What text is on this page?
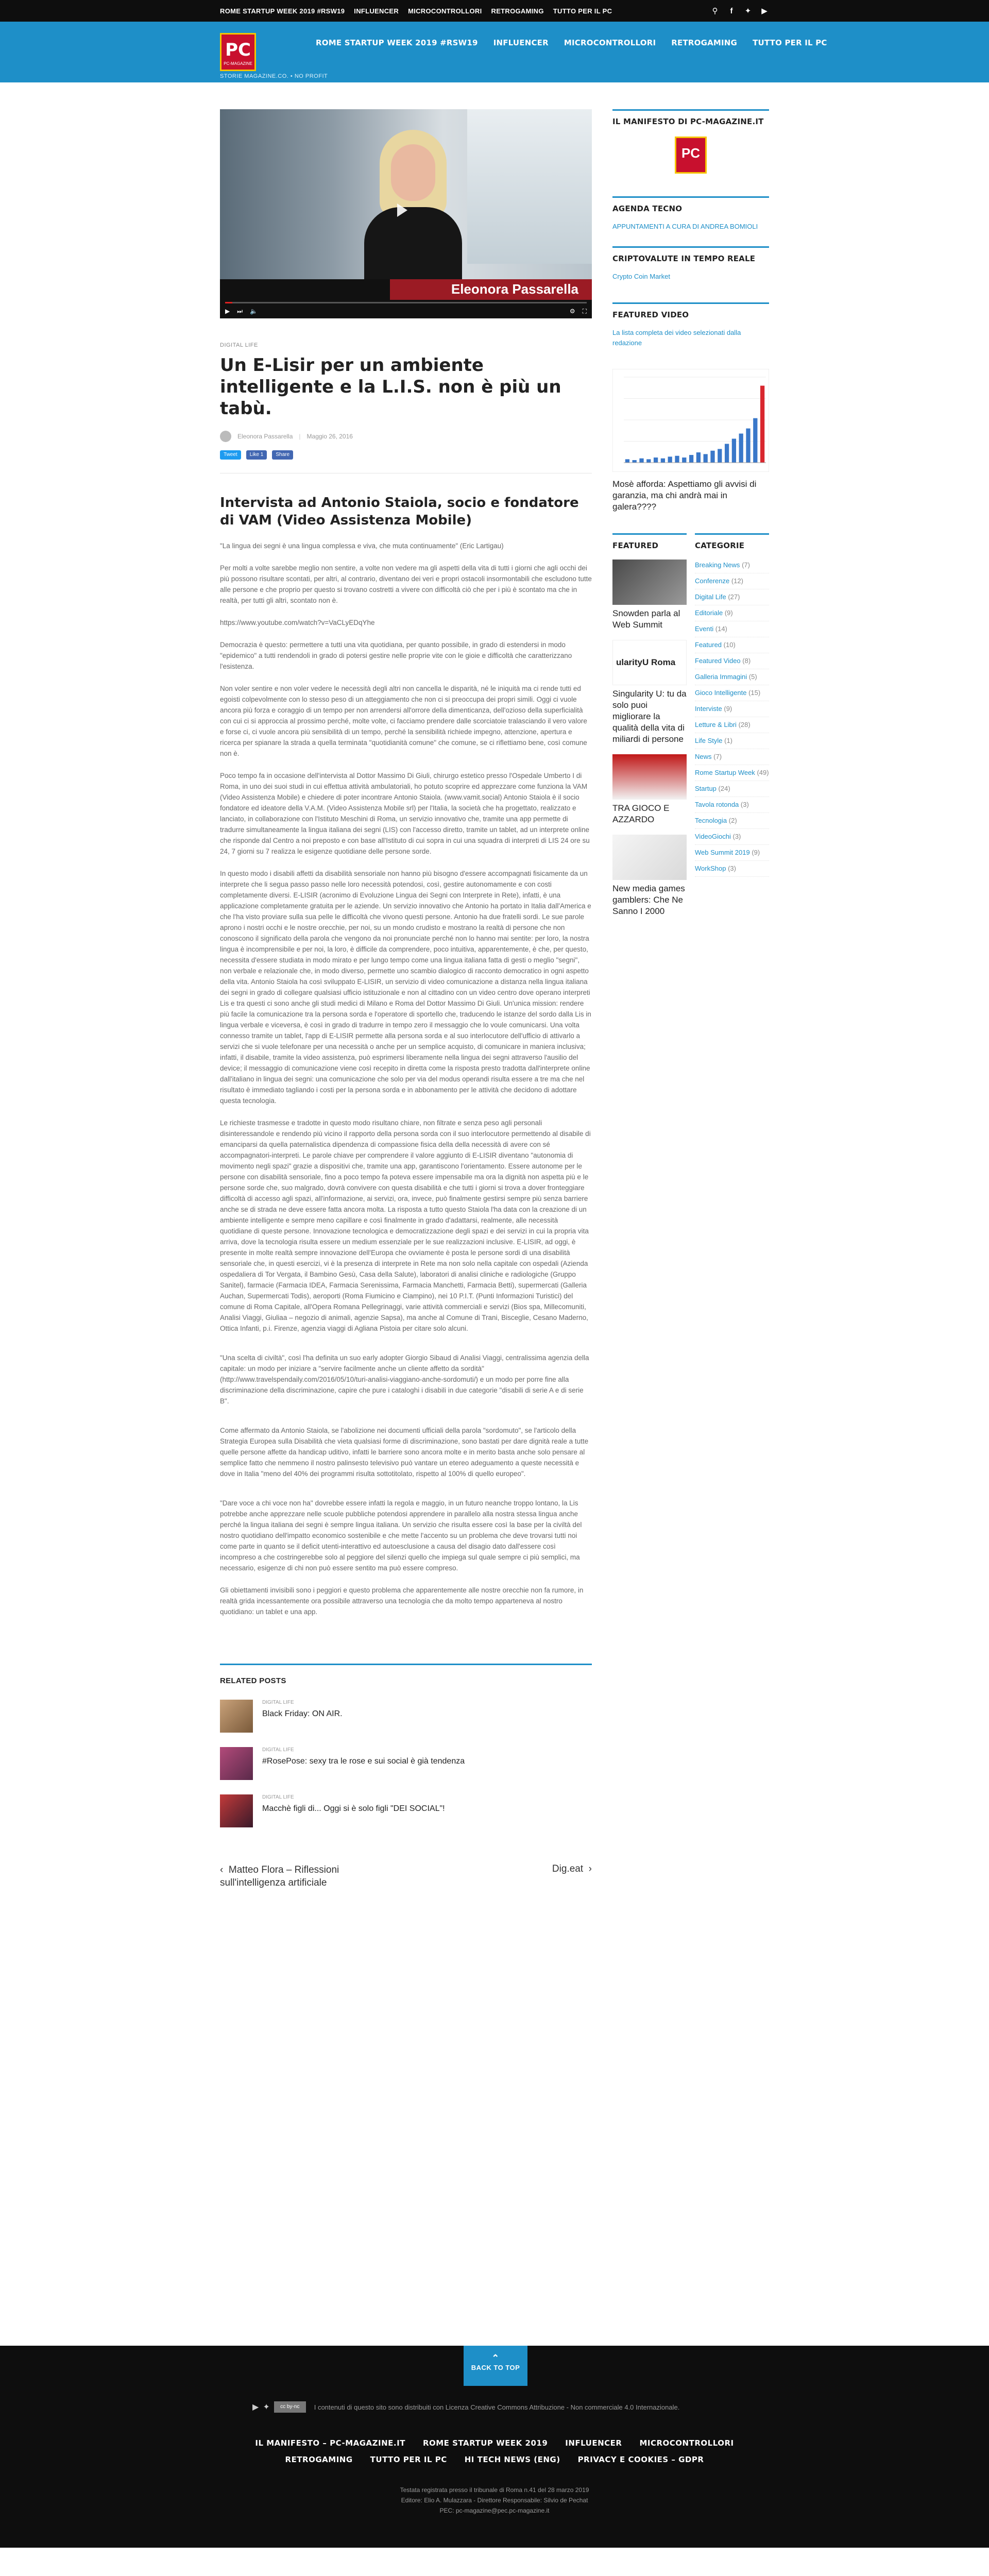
ROME STARTUP WEEK 2019 #RSW19 INFLUENCER MICROCONTROLLORI RETROGAMING TUTTO PER IL PC	⚲	f	✦ ▶
PC
PC-MAGAZINE
STORIE MAGAZINE.CO. • NO PROFIT
ROME STARTUP WEEK 2019 #RSW19 INFLUENCER MICROCONTROLLORI RETROGAMING TUTTO PER IL PC
Eleonora Passarella
▶ ⏭ 🔈	⚙ ⛶
DIGITAL LIFE
Un E-Lisir per un ambiente intelligente e la L.I.S. non è più un tabù.
Eleonora Passarella | Maggio 26, 2016
Tweet	Like 1	Share
Intervista ad Antonio Staiola, socio e fondatore di VAM (Video Assistenza Mobile)

"La lingua dei segni è una lingua complessa e viva, che muta continuamente" (Eric Lartigau)

Per molti a volte sarebbe meglio non sentire, a volte non vedere ma gli aspetti della vita di tutti i giorni che agli occhi dei più possono risultare scontati, per altri, al contrario, diventano dei veri e propri ostacoli insormontabili che escludono tutte alle persone e che proprio per questo si trovano costretti a vivere con difficoltà ciò che per i più è scontato ma che in realtà, per tutti gli altri, scontato non è.

https://www.youtube.com/watch?v=VaCLyEDqYhe

Democrazia è questo: permettere a tutti una vita quotidiana, per quanto possibile, in grado di estendersi in modo "epidemico" a tutti rendendoli in grado di potersi gestire nelle proprie vite con le gioie e difficoltà che caratterizzano l'esistenza.

Non voler sentire e non voler vedere le necessità degli altri non cancella le disparità, né le iniquità ma ci rende tutti ed egoisti colpevolmente con lo stesso peso di un atteggiamento che non ci si preoccupa dei propri simili. Oggi ci vuole ancora più forza e coraggio di un tempo per non arrendersi all'orrore della dimenticanza, dell'ozioso della superficialità con cui ci si approccia al prossimo perché, molte volte, ci facciamo prendere dalle scorciatoie tralasciando il vero valore e forse ci, ci vuole ancora più sensibilità di un tempo, perché la sensibilità richiede impegno, attenzione, apertura e ricerca per spianare la strada a quella terminata "quotidianità comune" che comune, se ci riflettiamo bene, così comune non è.

Poco tempo fa in occasione dell'intervista al Dottor Massimo Di Giuli, chirurgo estetico presso l'Ospedale Umberto I di Roma, in uno dei suoi studi in cui effettua attività ambulatoriali, ho potuto scoprire ed apprezzare come funziona la VAM (Video Assistenza Mobile) e chiedere di poter incontrare Antonio Staiola. (www.vamit.social) Antonio Staiola è il socio fondatore ed ideatore della V.A.M. (Video Assistenza Mobile srl) per l'Italia, la società che ha progettato, realizzato e lanciato, in collaborazione con l'Istituto Meschini di Roma, un servizio innovativo che, tramite una app permette di tradurre simultaneamente la lingua italiana dei segni (LIS) con l'accesso diretto, tramite un tablet, ad un interprete online che risponde dal Centro a noi preposto e con base all'Istituto di cui sopra in cui una squadra di interpreti di LIS 24 ore su 24, 7 giorni su 7 realizza le esigenze quotidiane delle persone sorde.

In questo modo i disabili affetti da disabilità sensoriale non hanno più bisogno d'essere accompagnati fisicamente da un interprete che li segua passo passo nelle loro necessità potendosi, così, gestire autonomamente e con costi completamente diversi. E-LISIR (acronimo di Evoluzione Lingua dei Segni con Interprete in Rete), infatti, è una applicazione completamente gratuita per le aziende. Un servizio innovativo che Antonio ha portato in Italia dall'America e che l'ha visto proviare sulla sua pelle le difficoltà che vivono questi persone. Antonio ha due fratelli sordi. Le sue parole aprono i nostri occhi e le nostre orecchie, per noi, su un mondo crudisto e mostrano la realtà di persone che non conoscono il significato della parola che vengono da noi pronunciate perché non lo hanno mai sentite: per loro, la nostra lingua è incomprensibile e per noi, la loro, è difficile da comprendere, poco intuitiva, apparentemente, è che, per questo, necessita d'essere studiata in modo mirato e per lungo tempo come una lingua italiana fatta di gesti o meglio "segni", non verbale e relazionale che, in modo diverso, permette uno scambio dialogico di racconto democratico in ogni aspetto della vita. Antonio Staiola ha così sviluppato E-LISIR, un servizio di video comunicazione a distanza nella lingua italiana dei segni in grado di collegare qualsiasi ufficio istituzionale e non al cittadino con un video centro dove operano interpreti Lis e tra questi ci sono anche gli studi medici di Milano e Roma del Dottor Massimo Di Giuli. Un'unica mission: rendere più facile la comunicazione tra la persona sorda e l'operatore di sportello che, traducendo le istanze del sordo dalla Lis in lingua verbale e viceversa, è così in grado di tradurre in tempo zero il messaggio che lo voule comunicarsi. Una volta connesso tramite un tablet, l'app di E-LISIR permette alla persona sorda e al suo interlocutore dell'ufficio di attivarlo a servizi che si vuole telefonare per una necessità o anche per un semplice acquisto, di comunicare in maniera inclusiva; infatti, il disabile, tramite la video assistenza, può esprimersi liberamente nella lingua dei segni attraverso l'ausilio del device; il messaggio di comunicazione viene così recepito in diretta come la risposta presto tradotta dall'interprete online dall'italiano in lingua dei segni: una comunicazione che solo per via del modus operandi risulta essere a tre ma che nel risultato è immediato tagliando i costi per la persona sorda e in abbonamento per le attività che decidono di adottare questa tecnologia.

Le richieste trasmesse e tradotte in questo modo risultano chiare, non filtrate e senza peso agli personali disinteressandole e rendendo più vicino il rapporto della persona sorda con il suo interlocutore permettendo al disabile di emanciparsi da quella paternalistica dipendenza di compassione fisica della della necessità di avere con sé accompagnatori-interpreti. Le parole chiave per comprendere il valore aggiunto di E-LISIR diventano "autonomia di movimento negli spazi" grazie a dispositivi che, tramite una app, garantiscono l'orientamento. Essere autonome per le persone con disabilità sensoriale, fino a poco tempo fa poteva essere impensabile ma ora la dignità non aspetta più e le persone sorde che, suo malgrado, dovrà convivere con questa disabilità e che tutti i giorni si trova a dover fronteggiare difficoltà di accesso agli spazi, all'informazione, ai servizi, ora, invece, può finalmente gestirsi sempre più senza barriere anche se di strada ne deve essere fatta ancora molta. La risposta a tutto questo Staiola l'ha data con la creazione di un ambiente intelligente e sempre meno capillare e così finalmente in grado d'adattarsi, realmente, alle necessità quotidiane di queste persone. Innovazione tecnologica e democratizzazione degli spazi e dei servizi in cui la propria vita arriva, dove la tecnologia risulta essere un medium essenziale per le sue realizzazioni inclusive. E-LISIR, ad oggi, è presente in molte realtà sempre innovazione dell'Europa che ovviamente è posta le persone sordi di una disabilità sensoriale che, in questi esercizi, vi è la presenza di interprete in Rete ma non solo nella capitale con ospedali (Azienda ospedaliera di Tor Vergata, il Bambino Gesù, Casa della Salute), laboratori di analisi cliniche e radiologiche (Gruppo Sanitel), farmacie (Farmacia IDEA, Farmacia Serenissima, Farmacia Manchetti, Farmacia Betti), supermercati (Galleria Auchan, Supermercati Todis), aeroporti (Roma Fiumicino e Ciampino), nei 10 P.I.T. (Punti Informazioni Turistici) del comune di Roma Capitale, all'Opera Romana Pellegrinaggi, varie attività commerciali e servizi (Bios spa, Millecomuniti, Analisi Viaggi, Giuliaa – negozio di animali, agenzie Sapsa), ma anche al Comune di Trani, Bisceglie, Cesano Maderno, Ottica Infanti, p.i. Firenze, agenzia viaggi di Agliana Pistoia per citare solo alcuni.

"Una scelta di civiltà", così l'ha definita un suo early adopter Giorgio Sibaud di Analisi Viaggi, centralissima agenzia della capitale: un modo per iniziare a "servire facilmente anche un cliente affetto da sordità" (http://www.travelspendaily.com/2016/05/10/turi-analisi-viaggiano-anche-sordomuti/) e un modo per porre fine alla discriminazione della discriminazione, capire che pure i cataloghi i disabili in due categorie "disabili di serie A e di serie B".

Come affermato da Antonio Staiola, se l'abolizione nei documenti ufficiali della parola "sordomuto", se l'articolo della Strategia Europea sulla Disabilità che vieta qualsiasi forme di discriminazione, sono bastati per dare dignità reale a tutte quelle persone affette da handicap uditivo, infatti le barriere sono ancora molte e in merito basta anche solo pensare al semplice fatto che nemmeno il nostro palinsesto televisivo può vantare un etereo adeguamento a queste necessità e dove in Italia "meno del 40% dei programmi risulta sottotitolato, rispetto al 100% di quello europeo".

"Dare voce a chi voce non ha" dovrebbe essere infatti la regola e maggio, in un futuro neanche troppo lontano, la Lis potrebbe anche apprezzare nelle scuole pubbliche potendosi apprendere in parallelo alla nostra stessa lingua anche perché la lingua italiana dei segni è sempre lingua italiana. Un servizio che risulta essere così la base per la civiltà del nostro quotidiano dell'impatto economico sostenibile e che mette l'accento su un problema che deve trovarsi tutti noi come parte in quanto se il deficit utenti-interattivo ed autoesclusione a causa del disagio dato dall'essere così incompreso a che costringerebbe solo al peggiore del silenzi quello che impiega sul quale sempre ci più semplici, ma necessario, esigenze di chi non può essere sentito ma può essere compreso.

Gli obiettamenti invisibili sono i peggiori e questo problema che apparentemente alle nostre orecchie non fa rumore, in realtà grida incessantemente ora possibile attraverso una tecnologia che da molto tempo apparteneva al nostro quotidiano: un tablet e una app.

RELATED POSTS
DIGITAL LIFE
Black Friday: ON AIR.
DIGITAL LIFE
#RosePose: sexy tra le rose e sui social è già tendenza
DIGITAL LIFE
Macchè figli di... Oggi si è solo figli "DEI SOCIAL"!
‹  Matteo Flora – Riflessioni sull'intelligenza artificiale
Dig.eat  ›
IL MANIFESTO DI PC-MAGAZINE.IT
PC
AGENDA TECNO
APPUNTAMENTI A CURA DI ANDREA BOMIOLI
CRIPTOVALUTE IN TEMPO REALE
Crypto Coin Market
FEATURED VIDEO
La lista completa dei video selezionati dalla redazione
Mosè afforda: Aspettiamo gli avvisi di garanzia, ma chi andrà mai in galera????
FEATURED
Snowden parla al Web Summit
ularityU Roma
Singularity U: tu da solo puoi migliorare la qualità della vita di miliardi di persone
TRA GIOCO E AZZARDO
New media games gamblers: Che Ne Sanno I 2000
CATEGORIE
Breaking News (7)
Conferenze (12)
Digital Life (27)
Editoriale (9)
Eventi (14)
Featured (10)
Featured Video (8)
Galleria Immagini (5)
Gioco Intelligente (15)
Interviste (9)
Letture & Libri (28)
Life Style (1)
News (7)
Rome Startup Week (49)
Startup (24)
Tavola rotonda (3)
Tecnologia (2)
VideoGiochi (3)
Web Summit 2019 (9)
WorkShop (3)
▶ ✦	cc by-nc	I contenuti di questo sito sono distribuiti con Licenza Creative Commons Attribuzione - Non commerciale 4.0 Internazionale.
IL MANIFESTO – PC-MAGAZINE.IT ROME STARTUP WEEK 2019 INFLUENCER MICROCONTROLLORI
RETROGAMING TUTTO PER IL PC HI TECH NEWS (ENG) PRIVACY E COOKIES – GDPR

Testata registrata presso il tribunale di Roma n.41 del 28 marzo 2019

Editore: Elio A. Mulazzara - Direttore Responsabile: Silvio de Pechat

PEC: pc-magazine@pec.pc-magazine.it

⌃
BACK TO TOP
